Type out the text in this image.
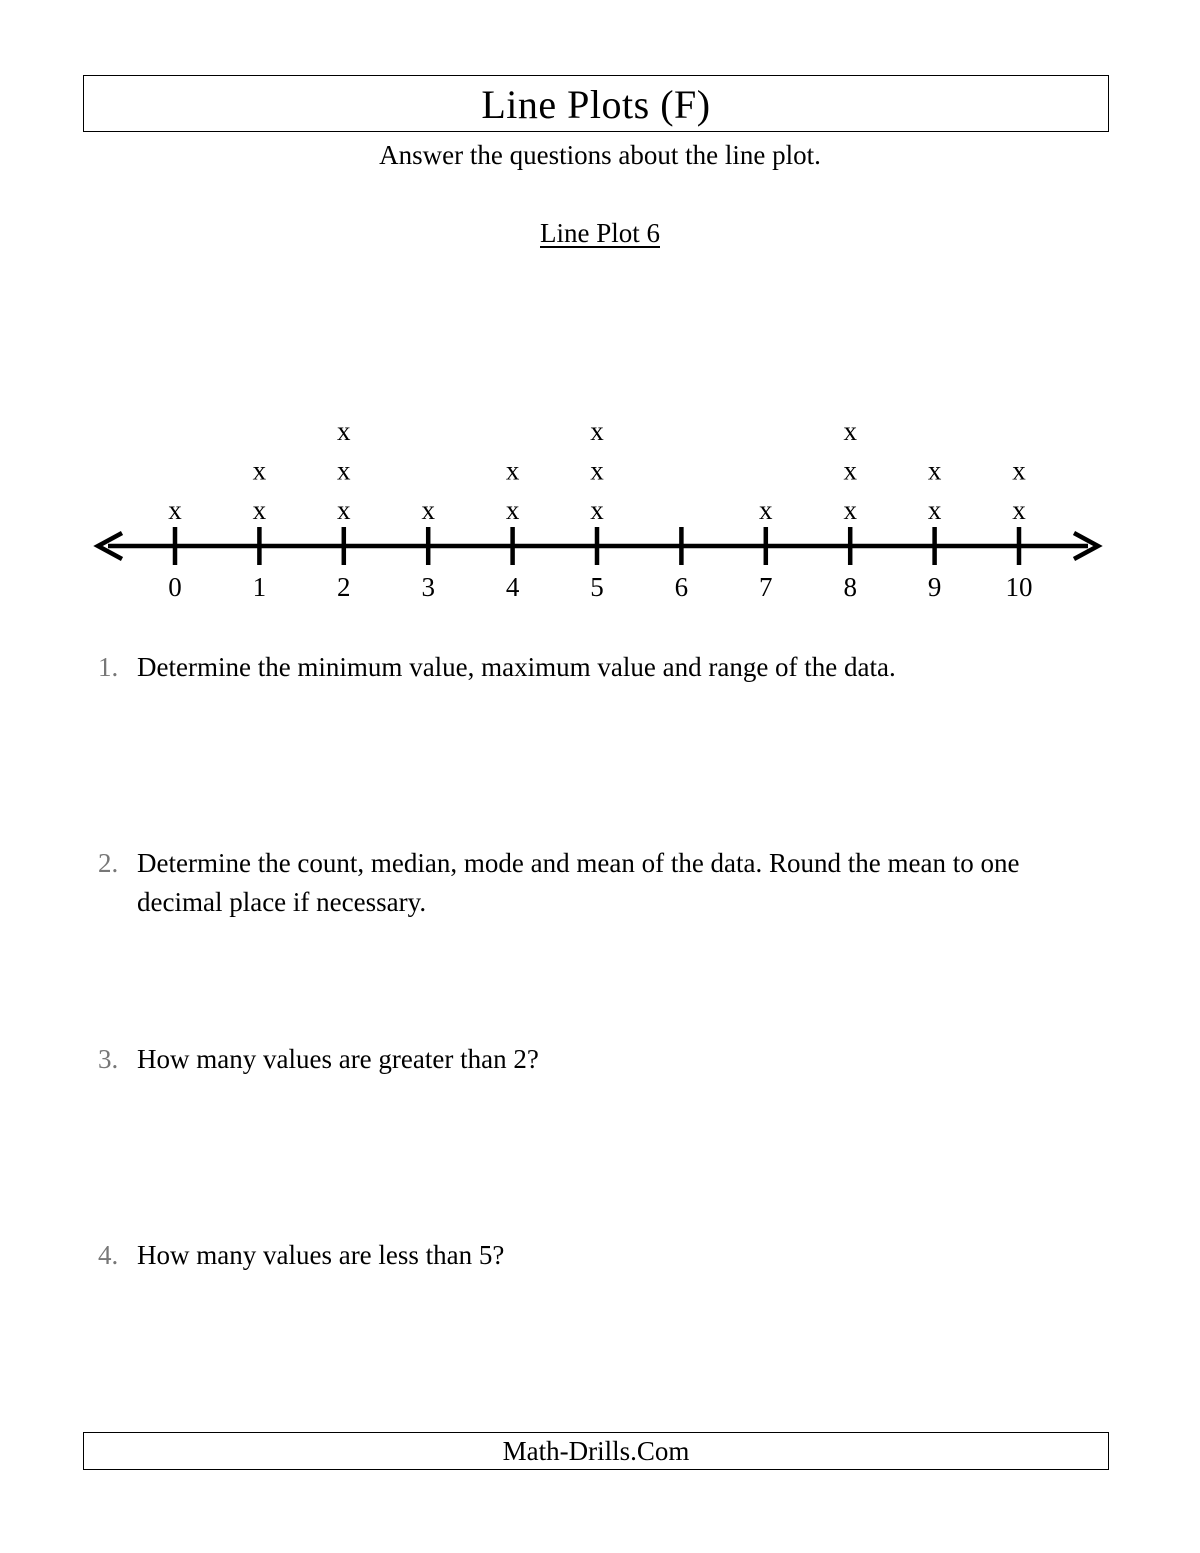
Line Plots (F)
Answer the questions about the line plot.
Line Plot 6
0	1	2	3	4	5	6	7	8	9 10
x	x
x
x
x
x
x	x
x
x
x
x
x	x
x
x
x
x
x
x
1. Determine the minimum value, maximum value and range of the data.
2. Determine the count, median, mode and mean of the data. Round the mean to one decimal place if necessary.
3. How many values are greater than 2?
4. How many values are less than 5?
Math-Drills.Com
